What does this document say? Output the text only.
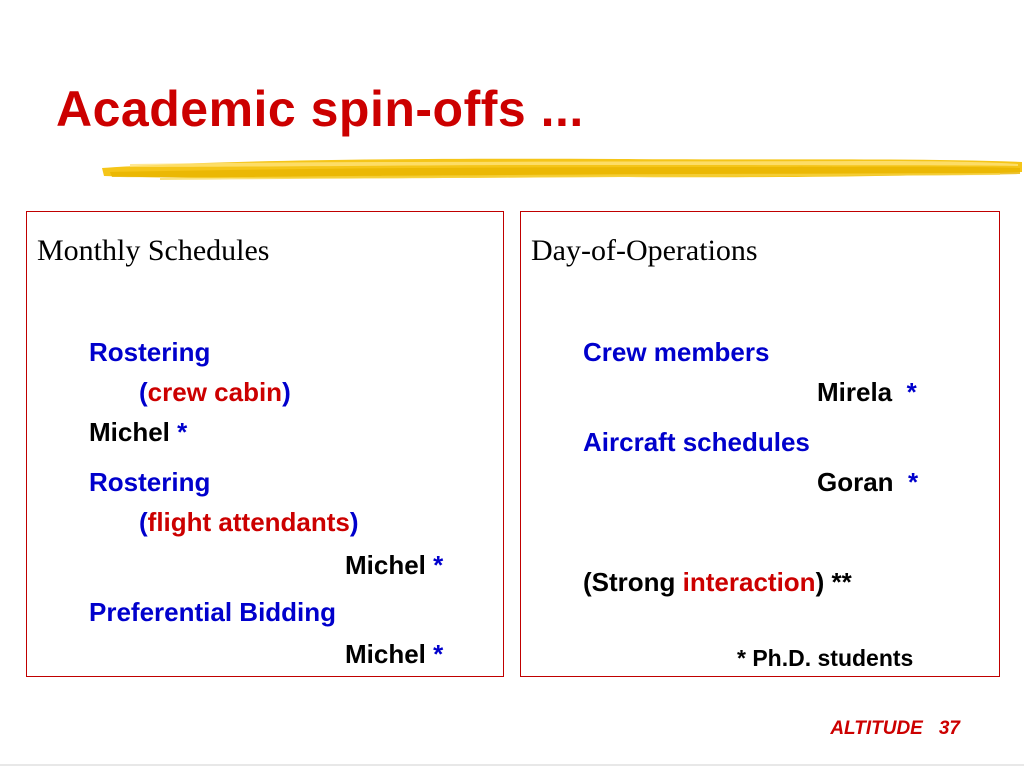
Academic spin-offs ...
Monthly Schedules
Rostering
(crew cabin)
Michel *
Rostering
(flight attendants)
Michel *
Preferential Bidding
Michel *
Day-of-Operations
Crew members
Mirela *
Aircraft schedules
Goran *
(Strong interaction) **
* Ph.D. students
ALTITUDE 37
